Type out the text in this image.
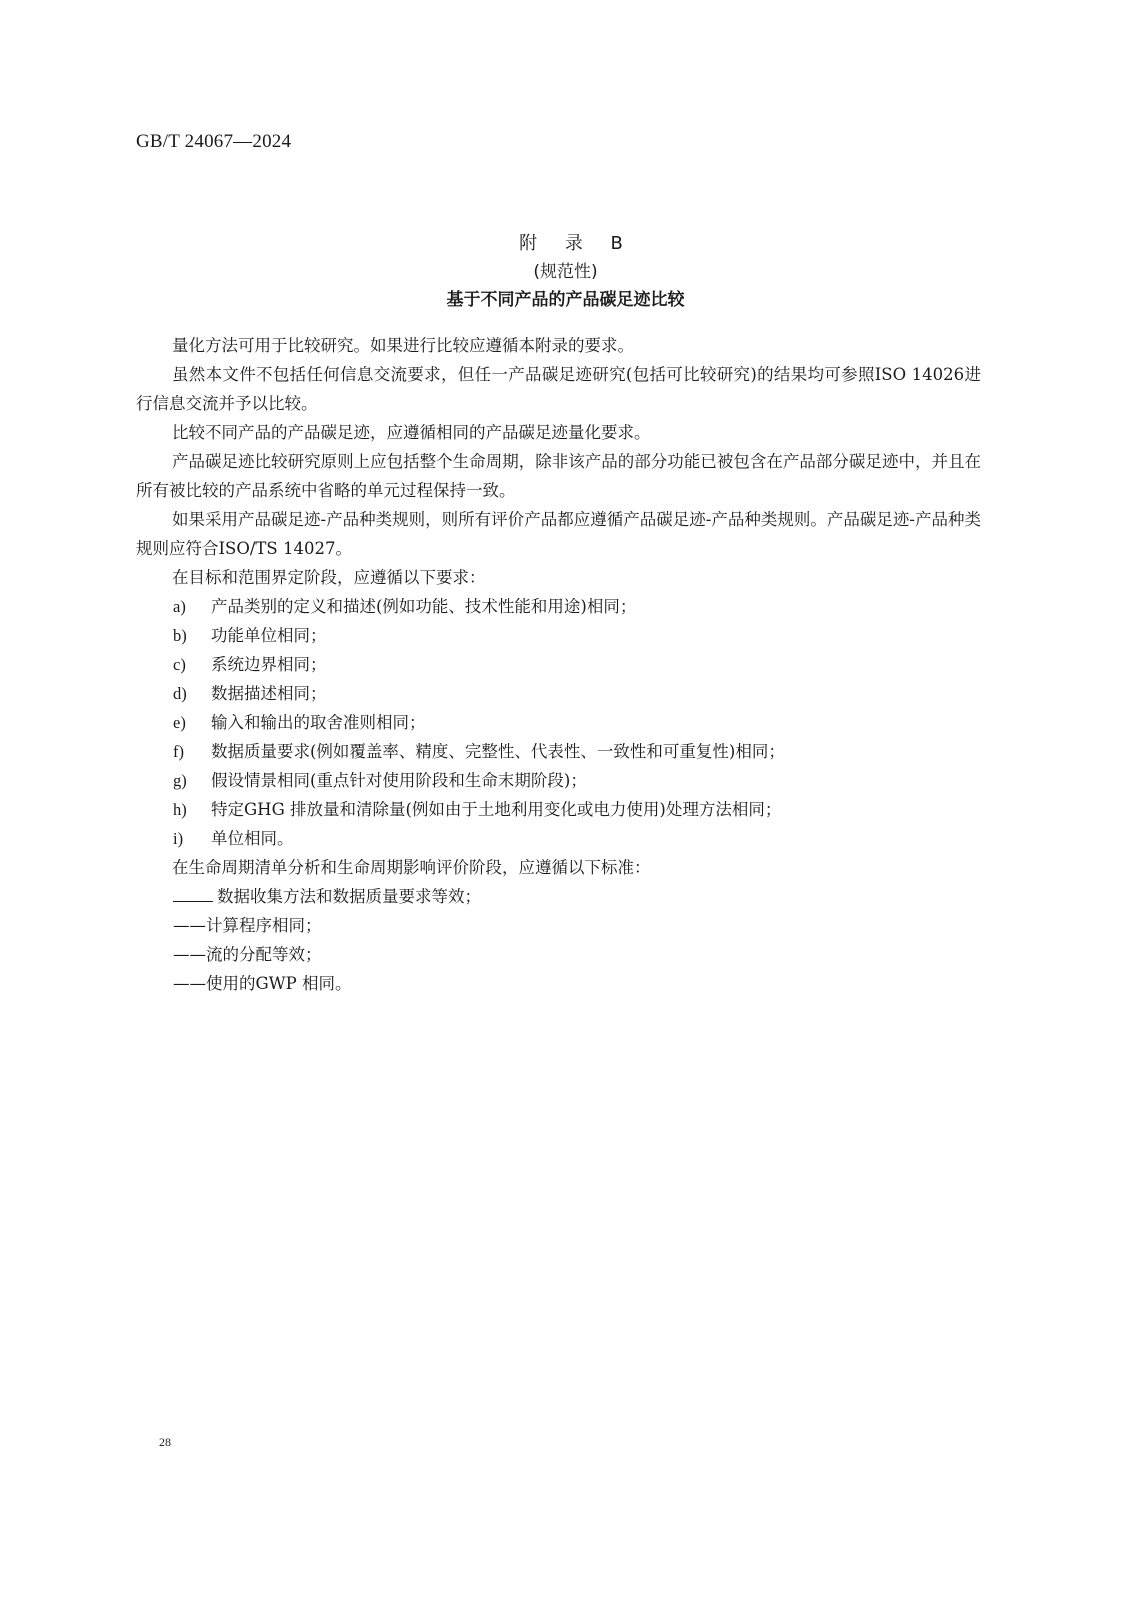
GB/T 24067—2024
附 录 B
(规范性)
基于不同产品的产品碳足迹比较

量化方法可用于比较研究。如果进行比较应遵循本附录的要求。

虽然本文件不包括任何信息交流要求，但任一产品碳足迹研究(包括可比较研究)的结果均可参照ISO 14026进行信息交流并予以比较。

比较不同产品的产品碳足迹，应遵循相同的产品碳足迹量化要求。

产品碳足迹比较研究原则上应包括整个生命周期，除非该产品的部分功能已被包含在产品部分碳足迹中，并且在所有被比较的产品系统中省略的单元过程保持一致。

如果采用产品碳足迹-产品种类规则，则所有评价产品都应遵循产品碳足迹-产品种类规则。产品碳足迹-产品种类规则应符合ISO/TS 14027。

在目标和范围界定阶段，应遵循以下要求：

a) 产品类别的定义和描述(例如功能、技术性能和用途)相同；

b) 功能单位相同；

c) 系统边界相同；

d) 数据描述相同；

e) 输入和输出的取舍准则相同；

f) 数据质量要求(例如覆盖率、精度、完整性、代表性、一致性和可重复性)相同；

g) 假设情景相同(重点针对使用阶段和生命末期阶段)；

h) 特定GHG 排放量和清除量(例如由于土地利用变化或电力使用)处理方法相同；

i) 单位相同。

在生命周期清单分析和生命周期影响评价阶段，应遵循以下标准：

数据收集方法和数据质量要求等效；

——计算程序相同；

——流的分配等效；

——使用的GWP 相同。

28
